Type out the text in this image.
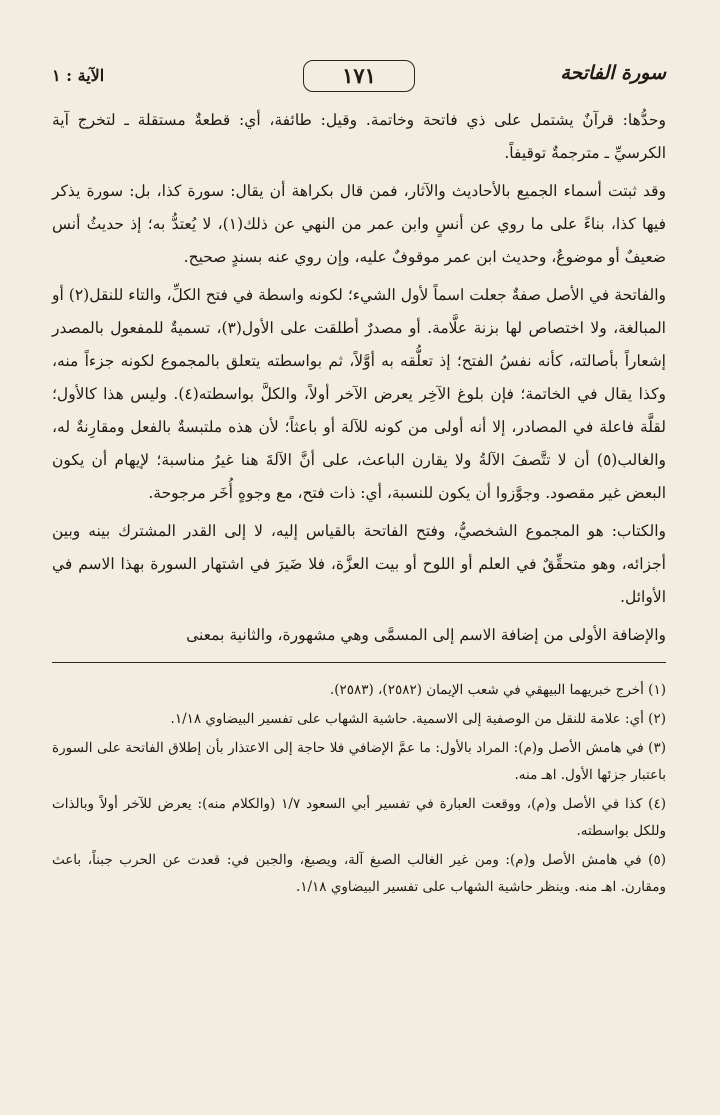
سورة الفاتحة
١٧١
الآية : ١

وحدُّها: قرآنٌ يشتمل على ذي فاتحة وخاتمة. وقيل: طائفة، أي: قطعةٌ مستقلة ـ لتخرج آية الكرسيِّ ـ مترجمةٌ توقيفاً.

وقد ثبتت أسماء الجميع بالأحاديث والآثار، فمن قال بكراهة أن يقال: سورة كذا، بل: سورة يذكر فيها كذا، بناءً على ما روي عن أنسٍ وابن عمر من النهي عن ذلك(١)، لا يُعتدُّ به؛ إذ حديثُ أنس ضعيفٌ أو موضوعٌ، وحديث ابن عمر موقوفٌ عليه، وإن روي عنه بسندٍ صحيح.

والفاتحة في الأصل صفةٌ جعلت اسماً لأول الشيء؛ لكونه واسطة في فتح الكلِّ، والتاء للنقل(٢) أو المبالغة، ولا اختصاص لها بزنة علَّامة. أو مصدرٌ أطلقت على الأول(٣)، تسميةٌ للمفعول بالمصدر إشعاراً بأصالته، كأنه نفسُ الفتح؛ إذ تعلُّقه به أوَّلاً، ثم بواسطته يتعلق بالمجموع لكونه جزءاً منه، وكذا يقال في الخاتمة؛ فإن بلوغ الآخِر يعرض الآخر أولاً، والكلَّ بواسطته(٤). وليس هذا كالأول؛ لقلَّة فاعلة في المصادر، إلا أنه أولى من كونه للآلة أو باعثاً؛ لأن هذه ملتبسةٌ بالفعل ومقارِنةٌ له، والغالب(٥) أن لا تتَّصفَ الآلةُ ولا يقارن الباعث، على أنَّ الآلةَ هنا غيرُ مناسبة؛ لإيهام أن يكون البعض غير مقصود. وجوَّزوا أن يكون للنسبة، أي: ذات فتح، مع وجوهٍ أُخَر مرجوحة.

والكتاب: هو المجموع الشخصيُّ، وفتح الفاتحة بالقياس إليه، لا إلى القدر المشترك بينه وبين أجزائه، وهو متحقِّقٌ في العلم أو اللوح أو بيت العزَّة، فلا ضَيرَ في اشتهار السورة بهذا الاسم في الأوائل.

والإضافة الأولى من إضافة الاسم إلى المسمَّى وهي مشهورة، والثانية بمعنى

(١) أخرج خبريهما البيهقي في شعب الإيمان (٢٥٨٢)، (٢٥٨٣).

(٢) أي: علامة للنقل من الوصفية إلى الاسمية. حاشية الشهاب على تفسير البيضاوي ١/١٨.

(٣) في هامش الأصل و(م): المراد بالأول: ما عمَّ الإضافي فلا حاجة إلى الاعتذار بأن إطلاق الفاتحة على السورة باعتبار جزئها الأول. اهـ منه.

(٤) كذا في الأصل و(م)، ووقعت العبارة في تفسير أبي السعود ١/٧ (والكلام منه): يعرض للآخر أولاً وبالذات وللكل بواسطته.

(٥) في هامش الأصل و(م): ومن غير الغالب الصبغ آلة، ويصبغ، والجبن في: قعدت عن الحرب جبناً، باعث ومقارن. اهـ منه. وينظر حاشية الشهاب على تفسير البيضاوي ١/١٨.
